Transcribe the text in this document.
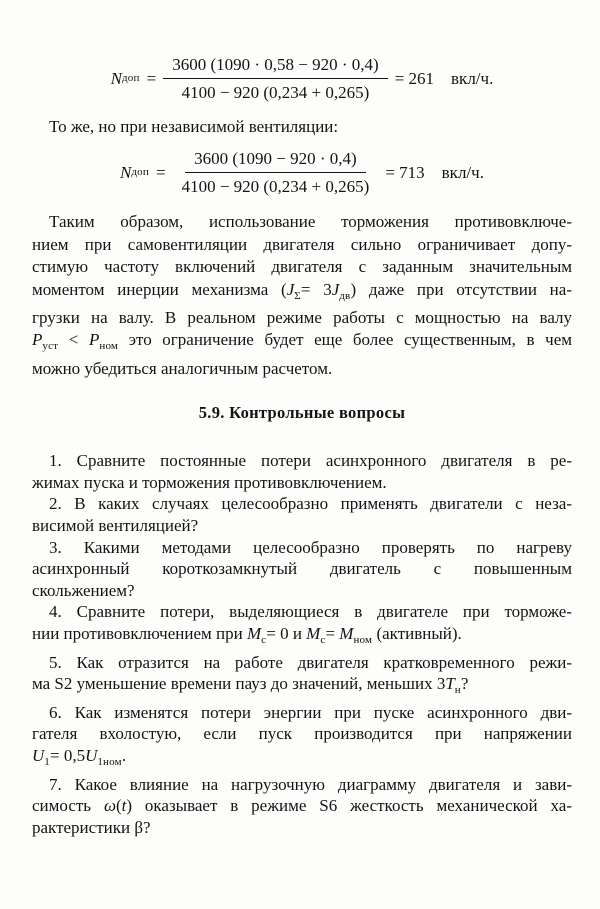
N доп = $\frac{3600 (1090 \cdot 0,58 - 920 \cdot 0,4)}{4100 - 920 (0,234 + 0,265)} = 261$ вкл/ч.
То же, но при независимой вентиляции:
N доп = $\frac{3600 (1090 - 920 \cdot 0,4)}{4100 - 920 (0,234 + 0,265)} = 713$ вкл/ч.
Таким образом, использование торможения противовключе-
нием при самовентиляции двигателя сильно ограничивает допу-
стимую частоту включений двигателя с заданным значительным
моментом инерции механизма $(J_\Sigma= 3J_{дв})$ даже при отсутствии на-
грузки на валу. В реальном режиме работы с мощностью на валу
$P_{уст} < P_{ном}$ это ограничение будет еще более существенным, в чем
можно убедиться аналогичным расчетом.
5.9. Контрольные вопросы
1. Сравните постоянные потери асинхронного двигателя в ре-
жимах пуска и торможения противовключением.
2. В каких случаях целесообразно применять двигатели с неза-
висимой вентиляцией?
3. Какими методами целесообразно проверять по нагреву
асинхронный короткозамкнутый двигатель с повышенным
скольжением?
4. Сравните потери, выделяющиеся в двигателе при торможе-
нии противовключением при $M_с= 0$ и $M_с= M_{ном}$ (активный).
5. Как отразится на работе двигателя кратковременного режи-
ма S2 уменьшение времени пауз до значений, меньших $3T_н$?
6. Как изменятся потери энергии при пуске асинхронного дви-
гателя вхолостую, если пуск производится при напряжении
$U_1= 0,5U_{1ном}$.
7. Какое влияние на нагрузочную диаграмму двигателя и зави-
симость ω(t) оказывает в режиме S6 жесткость механической ха-
рактеристики β?
